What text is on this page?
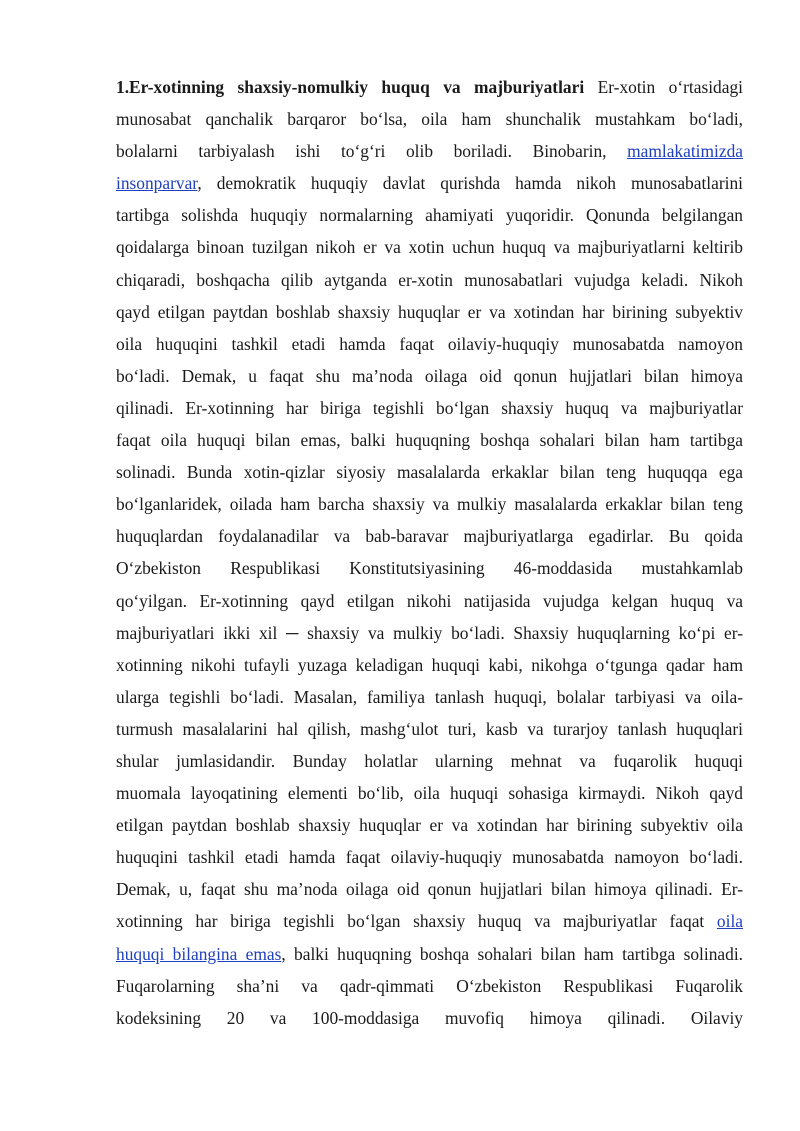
1.Er-xotinning shaxsiy-nomulkiy huquq va majburiyatlari Er-xotin o‘rtasidagi
munosabat qanchalik barqaror bo‘lsa, oila ham shunchalik mustahkam bo‘ladi,
bolalarni tarbiyalash ishi to‘g‘ri olib boriladi. Binobarin, mamlakatimizda
insonparvar, demokratik huquqiy davlat qurishda hamda nikoh munosabatlarini
tartibga solishda huquqiy normalarning ahamiyati yuqoridir. Qonunda belgilangan
qoidalarga binoan tuzilgan nikoh er va xotin uchun huquq va majburiyatlarni keltirib
chiqaradi, boshqacha qilib aytganda er-xotin munosabatlari vujudga keladi. Nikoh
qayd etilgan paytdan boshlab shaxsiy huquqlar er va xotindan har birining subyektiv
oila huquqini tashkil etadi hamda faqat oilaviy-huquqiy munosabatda namoyon
bo‘ladi. Demak, u faqat shu ma’noda oilaga oid qonun hujjatlari bilan himoya
qilinadi. Er-xotinning har biriga tegishli bo‘lgan shaxsiy huquq va majburiyatlar
faqat oila huquqi bilan emas, balki huquqning boshqa sohalari bilan ham tartibga
solinadi. Bunda xotin-qizlar siyosiy masalalarda erkaklar bilan teng huquqqa ega
bo‘lganlaridek, oilada ham barcha shaxsiy va mulkiy masalalarda erkaklar bilan teng
huquqlardan foydalanadilar va bab-baravar majburiyatlarga egadirlar. Bu qoida
O‘zbekiston Respublikasi Konstitutsiyasining 46-moddasida mustahkamlab
qo‘yilgan. Er-xotinning qayd etilgan nikohi natijasida vujudga kelgan huquq va
majburiyatlari ikki xil ─ shaxsiy va mulkiy bo‘ladi. Shaxsiy huquqlarning ko‘pi er-
xotinning nikohi tufayli yuzaga keladigan huquqi kabi, nikohga o‘tgunga qadar ham
ularga tegishli bo‘ladi. Masalan, familiya tanlash huquqi, bolalar tarbiyasi va oila-
turmush masalalarini hal qilish, mashg‘ulot turi, kasb va turarjoy tanlash huquqlari
shular jumlasidandir. Bunday holatlar ularning mehnat va fuqarolik huquqi
muomala layoqatining elementi bo‘lib, oila huquqi sohasiga kirmaydi. Nikoh qayd
etilgan paytdan boshlab shaxsiy huquqlar er va xotindan har birining subyektiv oila
huquqini tashkil etadi hamda faqat oilaviy-huquqiy munosabatda namoyon bo‘ladi.
Demak, u, faqat shu ma’noda oilaga oid qonun hujjatlari bilan himoya qilinadi. Er-
xotinning har biriga tegishli bo‘lgan shaxsiy huquq va majburiyatlar faqat oila
huquqi bilangina emas, balki huquqning boshqa sohalari bilan ham tartibga solinadi.
Fuqarolarning sha’ni va qadr-qimmati O‘zbekiston Respublikasi Fuqarolik
kodeksining 20 va 100-moddasiga muvofiq himoya qilinadi. Oilaviy
